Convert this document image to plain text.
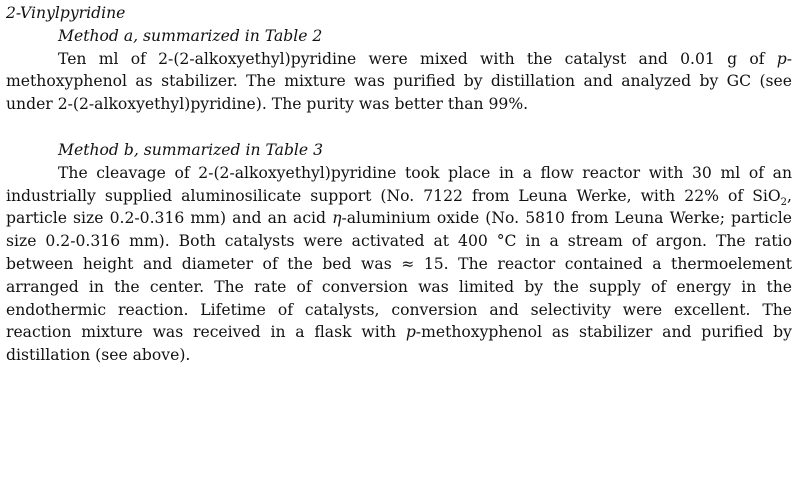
2-Vinylpyridine

Method a, summarized in Table 2

Ten ml of 2-(2-alkoxyethyl)pyridine were mixed with the catalyst and 0.01 g of p-methoxyphenol as stabilizer. The mixture was purified by distillation and analyzed by GC (see under 2-(2-alkoxyethyl)pyridine). The purity was better than 99%.

Method b, summarized in Table 3

The cleavage of 2-(2-alkoxyethyl)pyridine took place in a flow reactor with 30 ml of an industrially supplied aluminosilicate support (No. 7122 from Leuna Werke, with 22% of SiO$_2$, particle size 0.2-0.316 mm) and an acid η-aluminium oxide (No. 5810 from Leuna Werke; particle size 0.2-0.316 mm). Both catalysts were activated at 400 °C in a stream of argon. The ratio between height and diameter of the bed was ≈ 15. The reactor contained a thermoelement arranged in the center. The rate of conversion was limited by the supply of energy in the endothermic reaction. Lifetime of catalysts, conversion and selectivity were excellent. The reaction mixture was received in a flask with p-methoxyphenol as stabilizer and purified by distillation (see above).
